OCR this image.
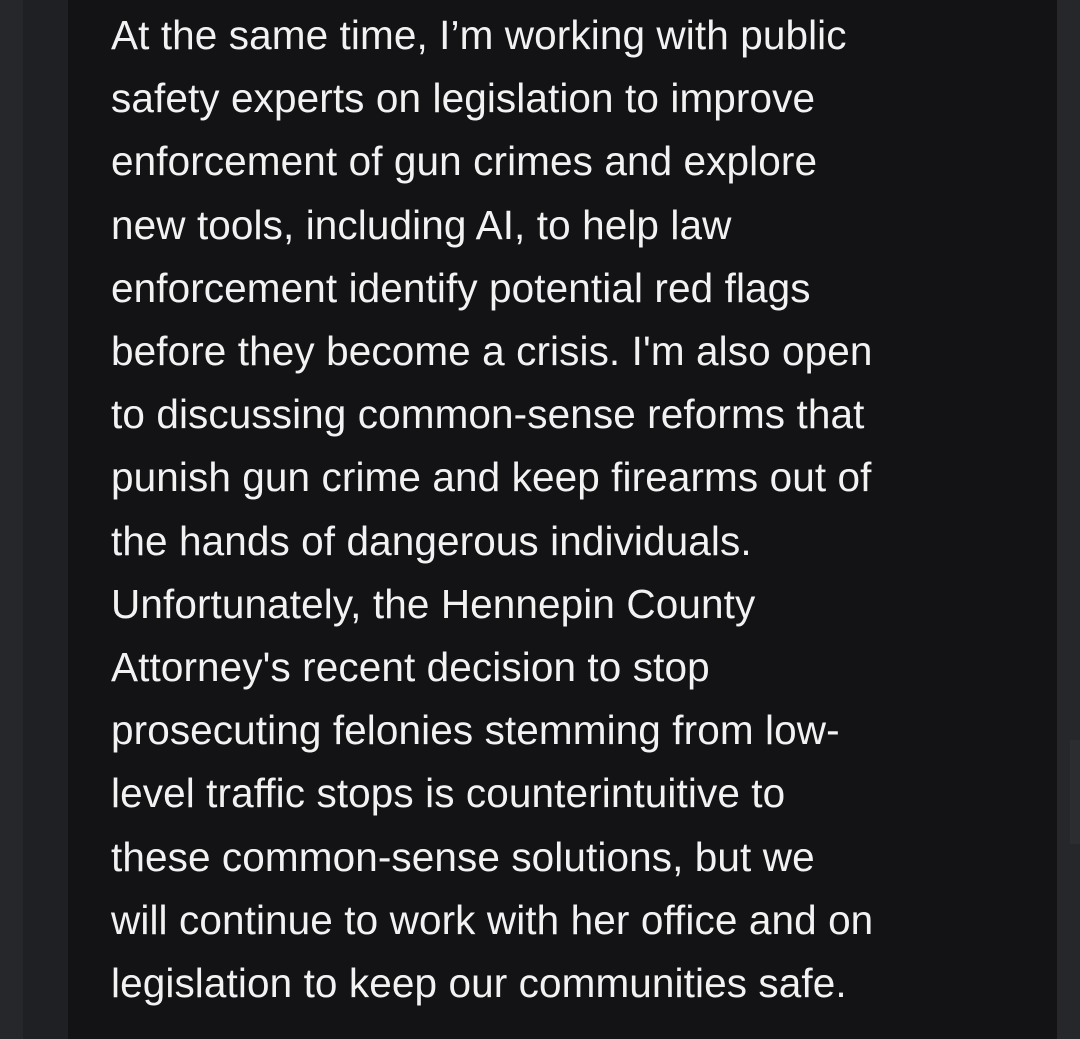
At the same time, I’m working with public
safety experts on legislation to improve
enforcement of gun crimes and explore
new tools, including AI, to help law
enforcement identify potential red flags
before they become a crisis. I'm also open
to discussing common-sense reforms that
punish gun crime and keep firearms out of
the hands of dangerous individuals.
Unfortunately, the Hennepin County
Attorney's recent decision to stop
prosecuting felonies stemming from low-
level traffic stops is counterintuitive to
these common-sense solutions, but we
will continue to work with her office and on
legislation to keep our communities safe.
